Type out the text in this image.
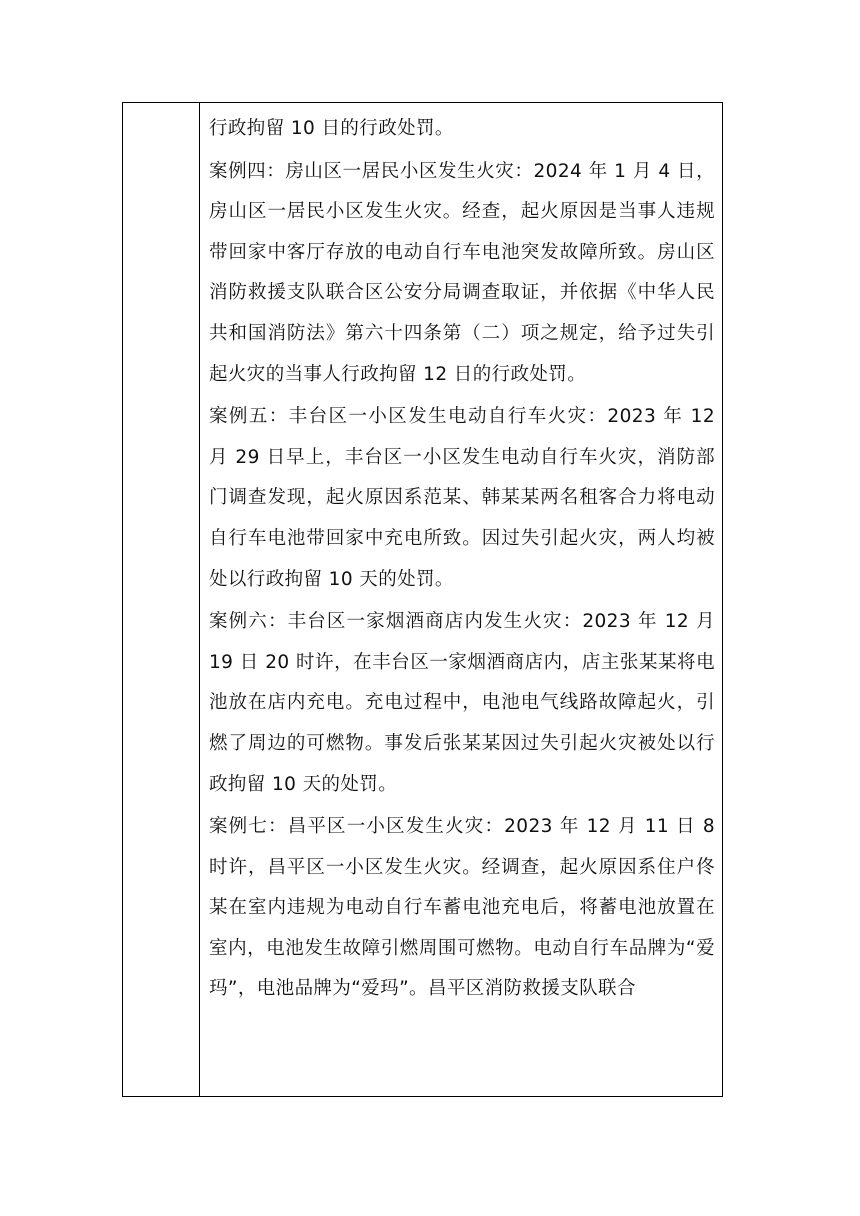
行政拘留 10 日的行政处罚。

案例四：房山区一居民小区发生火灾：2024 年 1 月 4 日，房山区一居民小区发生火灾。经查，起火原因是当事人违规带回家中客厅存放的电动自行车电池突发故障所致。房山区消防救援支队联合区公安分局调查取证，并依据《中华人民共和国消防法》第六十四条第（二）项之规定，给予过失引起火灾的当事人行政拘留 12 日的行政处罚。

案例五：丰台区一小区发生电动自行车火灾：2023 年 12 月 29 日早上，丰台区一小区发生电动自行车火灾，消防部门调查发现，起火原因系范某、韩某某两名租客合力将电动自行车电池带回家中充电所致。因过失引起火灾，两人均被处以行政拘留 10 天的处罚。

案例六：丰台区一家烟酒商店内发生火灾：2023 年 12 月 19 日 20 时许，在丰台区一家烟酒商店内，店主张某某将电池放在店内充电。充电过程中，电池电气线路故障起火，引燃了周边的可燃物。事发后张某某因过失引起火灾被处以行政拘留 10 天的处罚。

案例七：昌平区一小区发生火灾：2023 年 12 月 11 日 8 时许，昌平区一小区发生火灾。经调查，起火原因系住户佟某在室内违规为电动自行车蓄电池充电后，将蓄电池放置在室内，电池发生故障引燃周围可燃物。电动自行车品牌为“爱玛”，电池品牌为“爱玛”。昌平区消防救援支队联合
